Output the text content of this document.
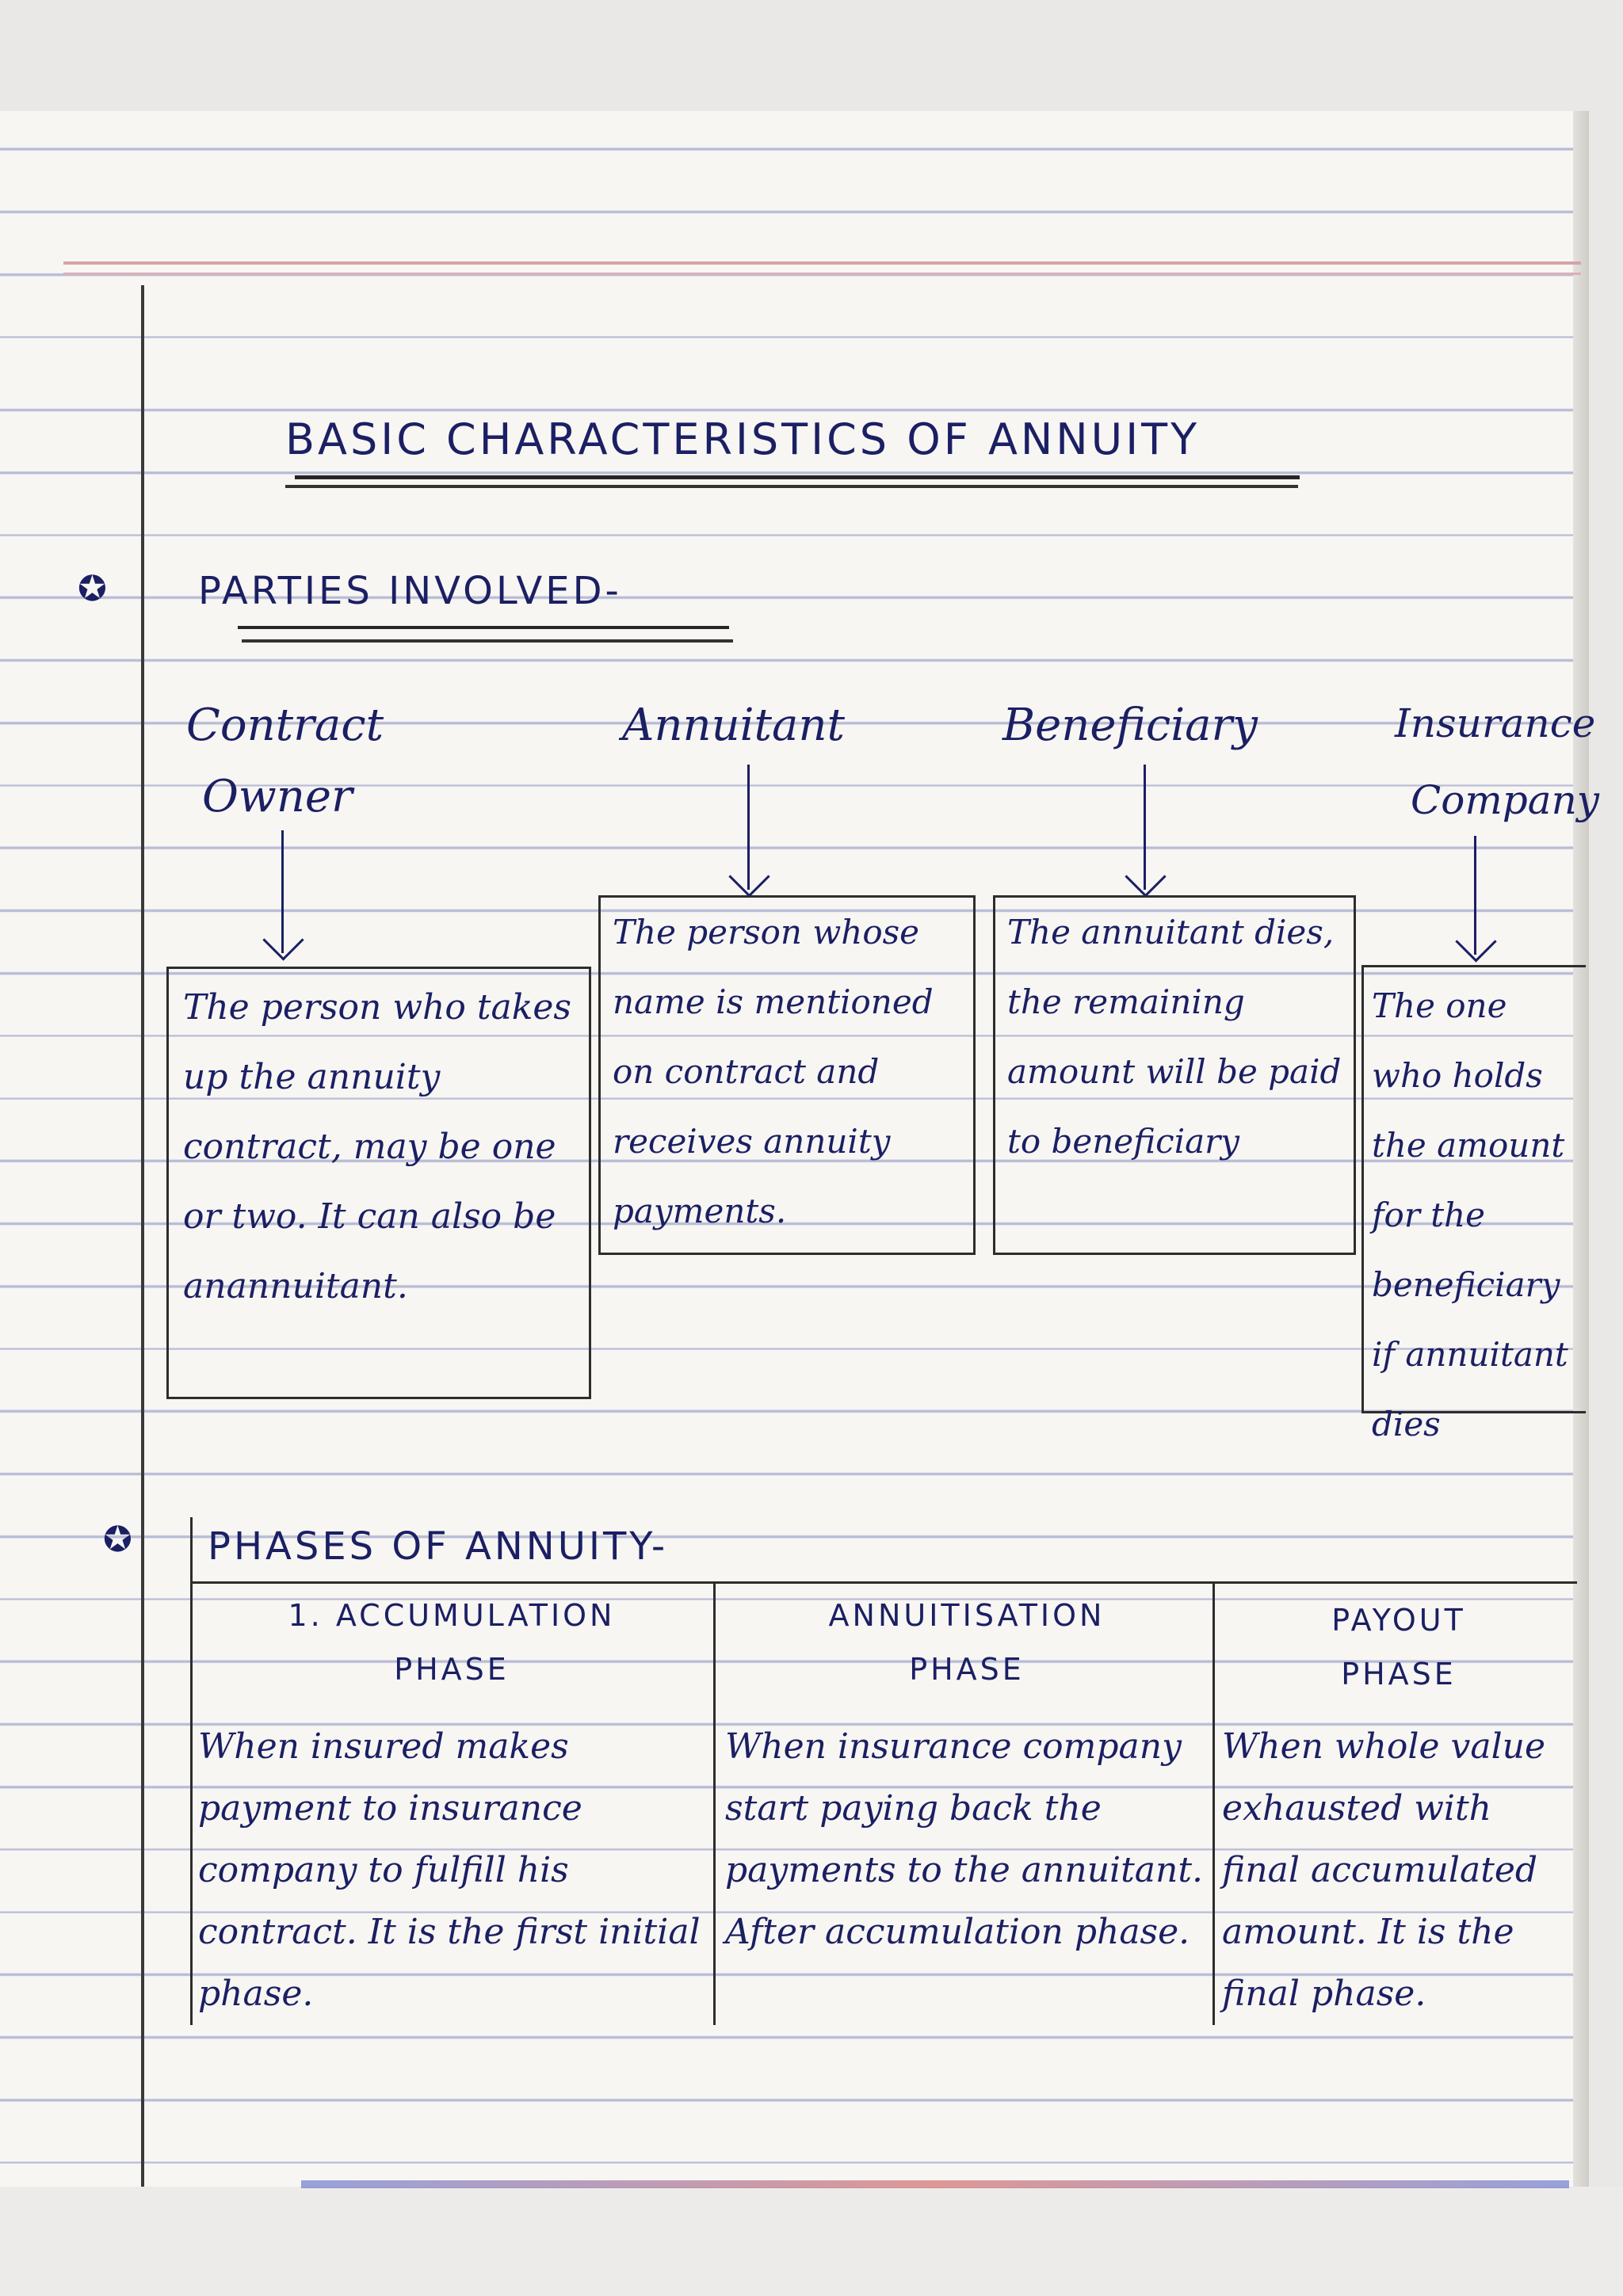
BASIC CHARACTERISTICS OF ANNUITY
✪ PARTIES INVOLVED-
Contract
Owner
Annuitant	Beneficiary	Insurance
Company
The person who takes up the annuity contract, may be one or two. It can also be anannuitant.
The person whose name is mentioned on contract and receives annuity payments.
The annuitant dies, the remaining amount will be paid to beneficiary
The one who holds the amount for the beneficiary if annuitant dies
✪ PHASES OF ANNUITY-
1. ACCUMULATION
PHASE
ANNUITISATION
PHASE
PAYOUT
PHASE
When insured makes payment to insurance company to fulfill his contract. It is the first initial phase.
When insurance company start paying back the payments to the annuitant. After accumulation phase.
When whole value exhausted with final accumulated amount. It is the final phase.
